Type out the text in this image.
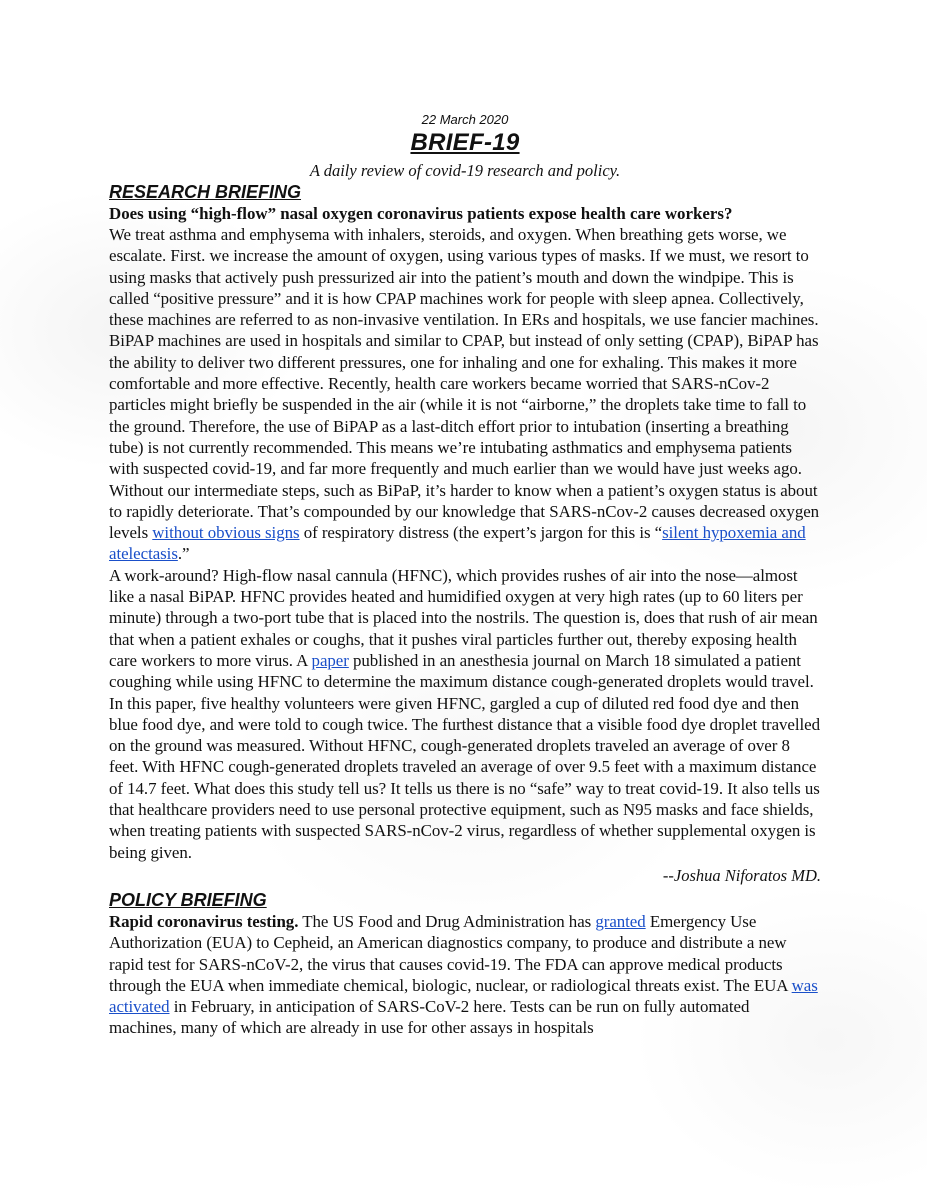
22 March 2020

BRIEF-19

A daily review of covid-19 research and policy.

RESEARCH BRIEFING

Does using “high-flow” nasal oxygen coronavirus patients expose health care workers?

We treat asthma and emphysema with inhalers, steroids, and oxygen. When breathing gets worse, we escalate. First. we increase the amount of oxygen, using various types of masks. If we must, we resort to using masks that actively push pressurized air into the patient’s mouth and down the windpipe. This is called “positive pressure” and it is how CPAP machines work for people with sleep apnea. Collectively, these machines are referred to as non-invasive ventilation. In ERs and hospitals, we use fancier machines. BiPAP machines are used in hospitals and similar to CPAP, but instead of only setting (CPAP), BiPAP has the ability to deliver two different pressures, one for inhaling and one for exhaling. This makes it more comfortable and more effective. Recently, health care workers became worried that SARS-nCov-2 particles might briefly be suspended in the air (while it is not “airborne,” the droplets take time to fall to the ground. Therefore, the use of BiPAP as a last-ditch effort prior to intubation (inserting a breathing tube) is not currently recommended. This means we’re intubating asthmatics and emphysema patients with suspected covid-19, and far more frequently and much earlier than we would have just weeks ago. Without our intermediate steps, such as BiPaP, it’s harder to know when a patient’s oxygen status is about to rapidly deteriorate. That’s compounded by our knowledge that SARS-nCov-2 causes decreased oxygen levels without obvious signs of respiratory distress (the expert’s jargon for this is “silent hypoxemia and atelectasis.”

A work-around? High-flow nasal cannula (HFNC), which provides rushes of air into the nose—almost like a nasal BiPAP. HFNC provides heated and humidified oxygen at very high rates (up to 60 liters per minute) through a two-port tube that is placed into the nostrils. The question is, does that rush of air mean that when a patient exhales or coughs, that it pushes viral particles further out, thereby exposing health care workers to more virus. A paper published in an anesthesia journal on March 18 simulated a patient coughing while using HFNC to determine the maximum distance cough-generated droplets would travel. In this paper, five healthy volunteers were given HFNC, gargled a cup of diluted red food dye and then blue food dye, and were told to cough twice. The furthest distance that a visible food dye droplet travelled on the ground was measured. Without HFNC, cough-generated droplets traveled an average of over 8 feet. With HFNC cough-generated droplets traveled an average of over 9.5 feet with a maximum distance of 14.7 feet. What does this study tell us? It tells us there is no “safe” way to treat covid-19. It also tells us that healthcare providers need to use personal protective equipment, such as N95 masks and face shields, when treating patients with suspected SARS-nCov-2 virus, regardless of whether supplemental oxygen is being given.

--Joshua Niforatos MD.

POLICY BRIEFING

Rapid coronavirus testing. The US Food and Drug Administration has granted Emergency Use Authorization (EUA) to Cepheid, an American diagnostics company, to produce and distribute a new rapid test for SARS-nCoV-2, the virus that causes covid-19. The FDA can approve medical products through the EUA when immediate chemical, biologic, nuclear, or radiological threats exist. The EUA was activated in February, in anticipation of SARS-CoV-2 here. Tests can be run on fully automated machines, many of which are already in use for other assays in hospitals
